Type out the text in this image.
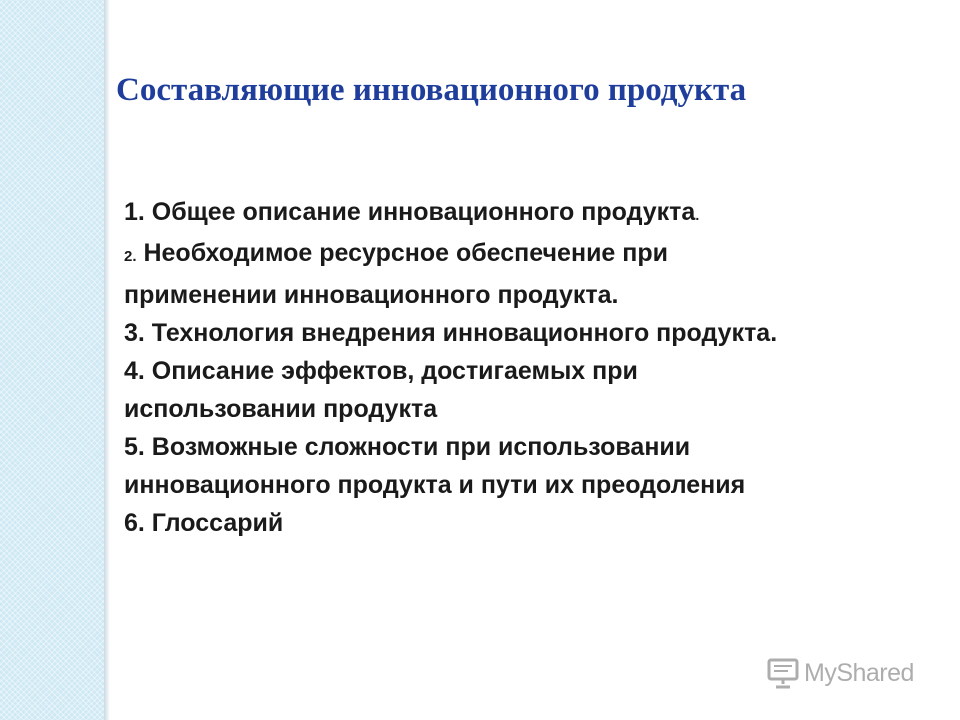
Составляющие инновационного продукта

1. Общее описание инновационного продукта.

2. Необходимое ресурсное обеспечение при

применении инновационного продукта.

3. Технология внедрения инновационного продукта.

4. Описание эффектов, достигаемых при

использовании продукта

5. Возможные сложности при использовании

инновационного продукта и пути их преодоления

6. Глоссарий

MyShared
